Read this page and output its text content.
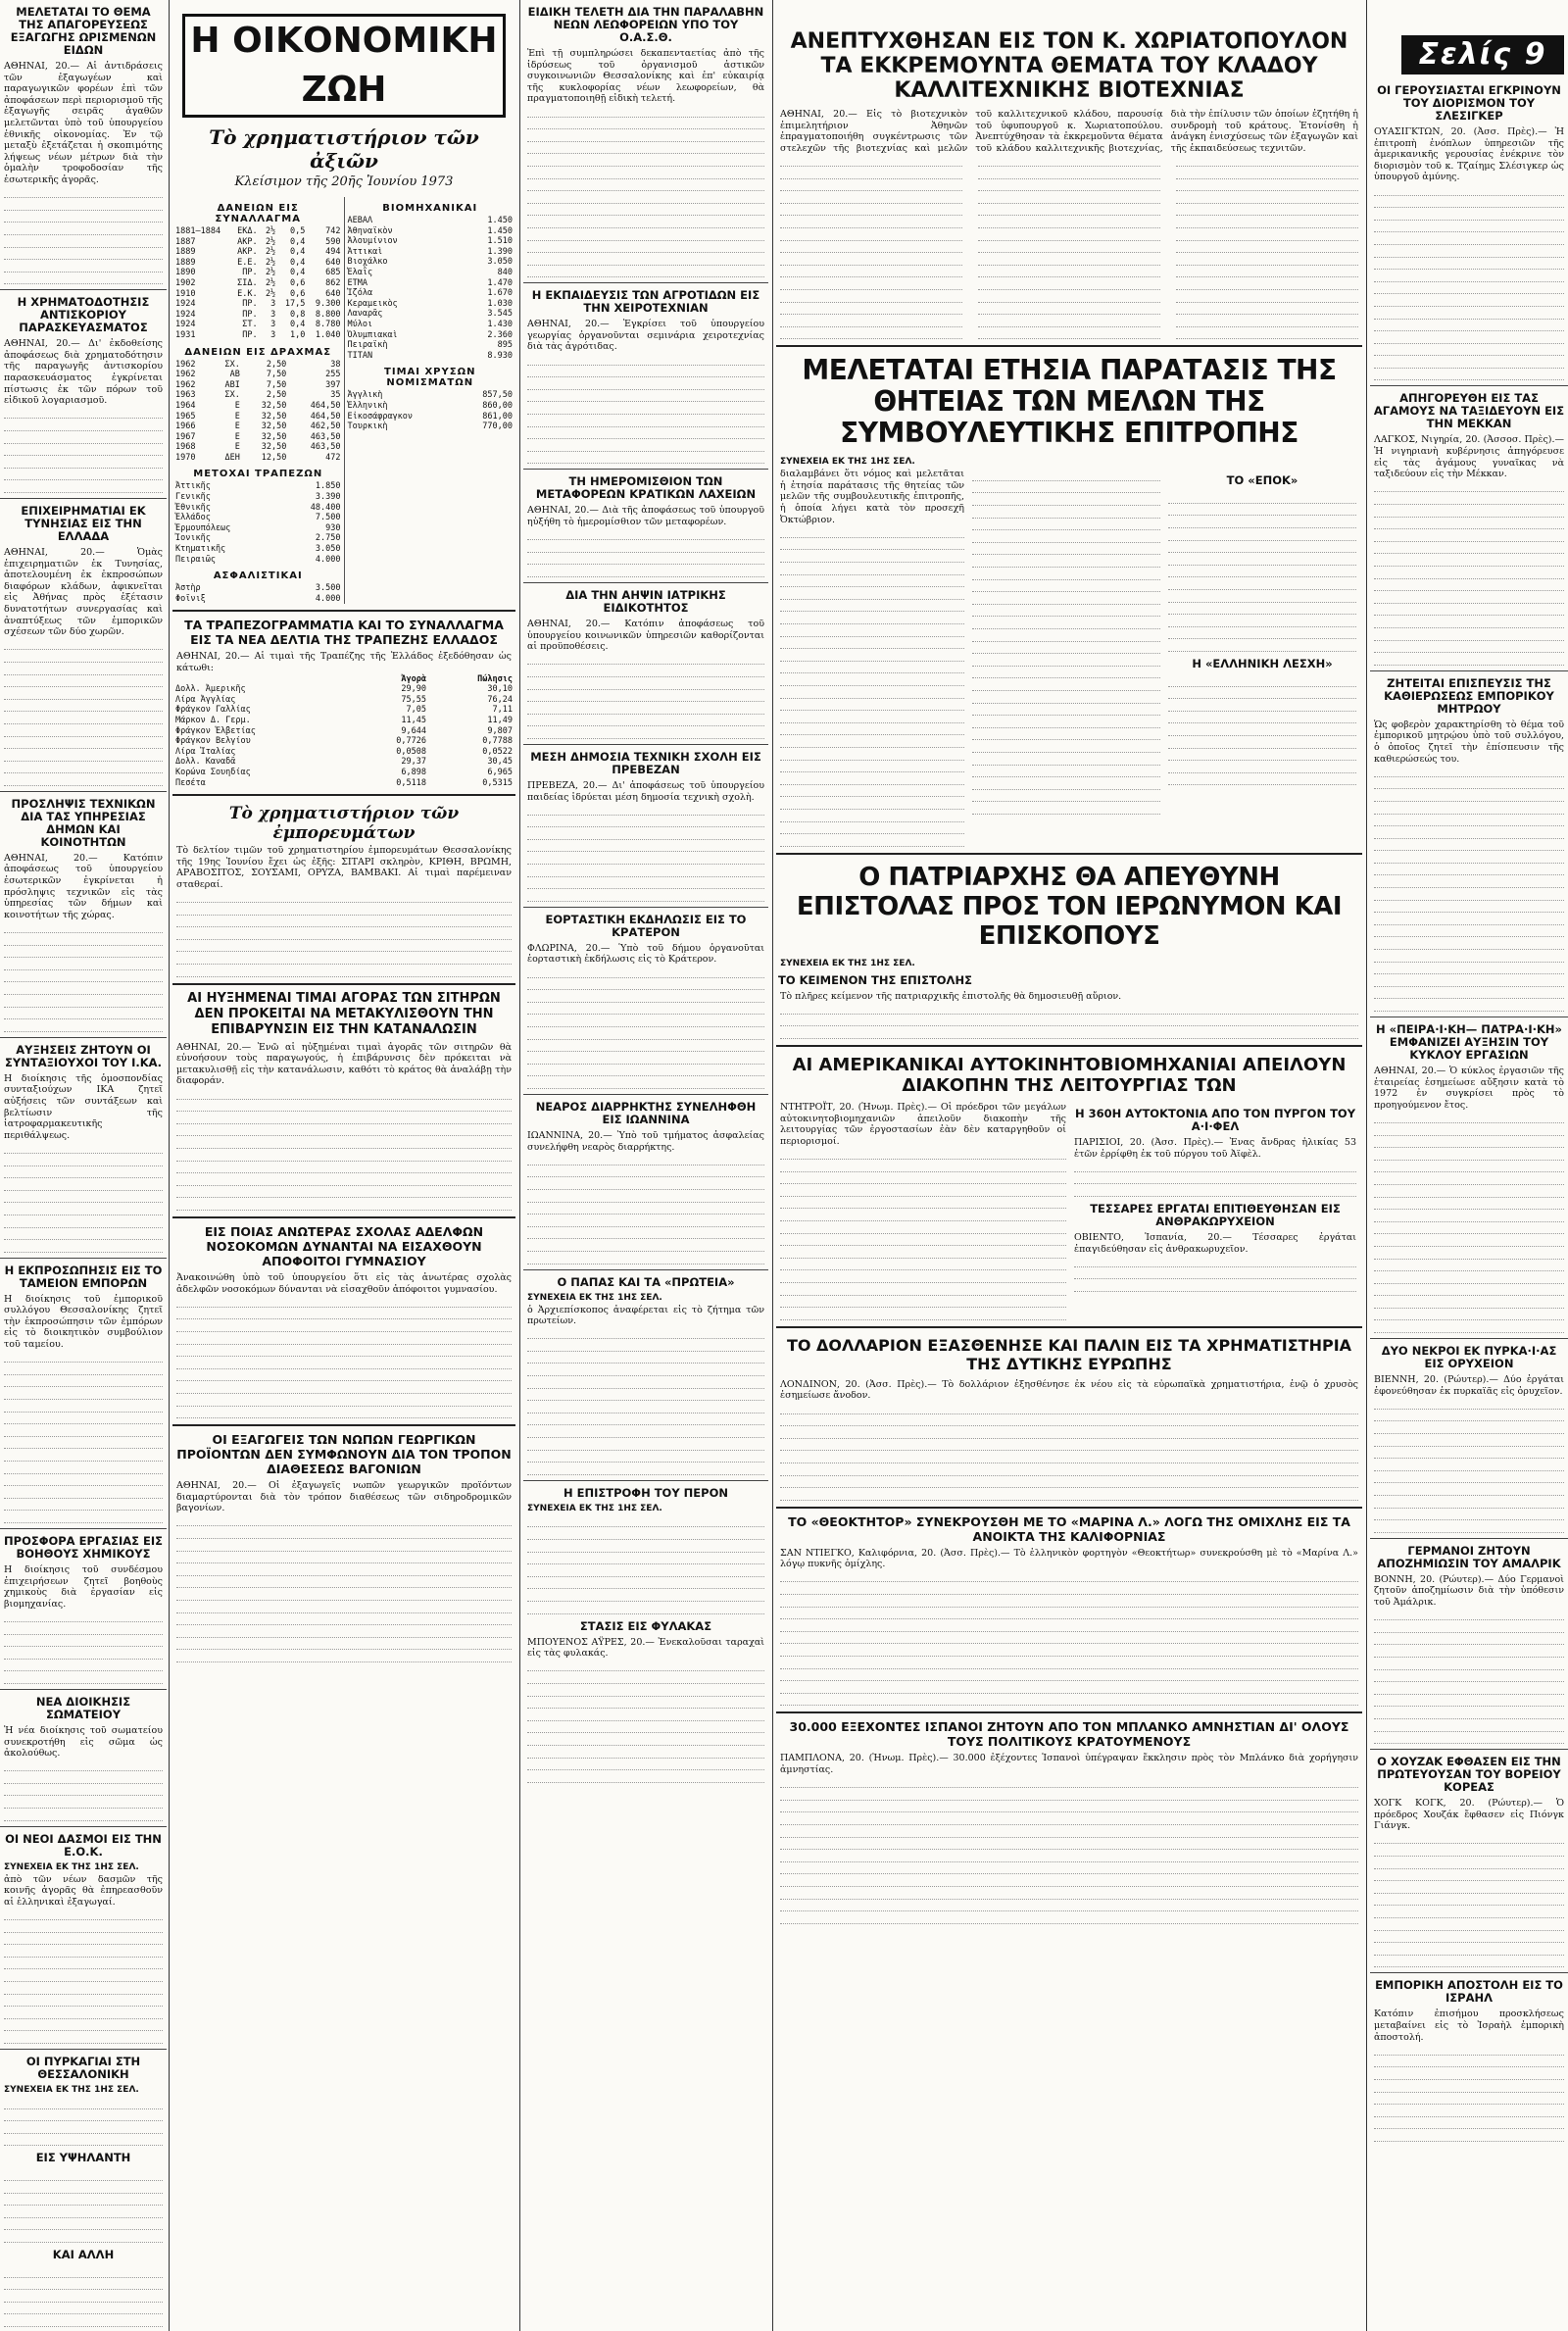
Σελίς 9
ΜΕΛΕΤΑΤΑΙ ΤΟ ΘΕΜΑ ΤΗΣ ΑΠΑΓΟΡΕΥΣΕΩΣ ΕΞΑΓΩΓΗΣ ΩΡΙΣΜΕΝΩΝ ΕΙΔΩΝ
ΑΘΗΝΑΙ, 20.— Αἱ ἀντιδράσεις τῶν ἐξαγωγέων καὶ παραγωγικῶν φορέων ἐπὶ τῶν ἀποφάσεων περὶ περιορισμοῦ τῆς ἐξαγωγῆς σειρᾶς ἀγαθῶν μελετῶνται ὑπὸ τοῦ ὑπουργείου ἐθνικῆς οἰκονομίας. Ἐν τῷ μεταξὺ ἐξετάζεται ἡ σκοπιμότης λήψεως νέων μέτρων διὰ τὴν ὁμαλὴν τροφοδοσίαν τῆς ἐσωτερικῆς ἀγορᾶς.
Η ΧΡΗΜΑΤΟΔΟΤΗΣΙΣ ΑΝΤΙΣΚΟΡΙΟΥ ΠΑΡΑΣΚΕΥΑΣΜΑΤΟΣ
ΑΘΗΝΑΙ, 20.— Δι' ἐκδοθείσης ἀποφάσεως διὰ χρηματοδότησιν τῆς παραγωγῆς ἀντισκορίου παρασκευάσματος ἐγκρίνεται πίστωσις ἐκ τῶν πόρων τοῦ εἰδικοῦ λογαριασμοῦ.
ΕΠΙΧΕΙΡΗΜΑΤΙΑΙ ΕΚ ΤΥΝΗΣΙΑΣ ΕΙΣ ΤΗΝ ΕΛΛΑΔΑ
ΑΘΗΝΑΙ, 20.— Ὁμὰς ἐπιχειρηματιῶν ἐκ Τυνησίας, ἀποτελουμένη ἐκ ἐκπροσώπων διαφόρων κλάδων, ἀφικνεῖται εἰς Ἀθήνας πρὸς ἐξέτασιν δυνατοτήτων συνεργασίας καὶ ἀναπτύξεως τῶν ἐμπορικῶν σχέσεων τῶν δύο χωρῶν.
ΠΡΟΣΛΗΨΙΣ ΤΕΧΝΙΚΩΝ ΔΙΑ ΤΑΣ ΥΠΗΡΕΣΙΑΣ ΔΗΜΩΝ ΚΑΙ ΚΟΙΝΟΤΗΤΩΝ
ΑΘΗΝΑΙ, 20.— Κατόπιν ἀποφάσεως τοῦ ὑπουργείου ἐσωτερικῶν ἐγκρίνεται ἡ πρόσληψις τεχνικῶν εἰς τὰς ὑπηρεσίας τῶν δήμων καὶ κοινοτήτων τῆς χώρας.
ΑΥΞΗΣΕΙΣ ΖΗΤΟΥΝ ΟΙ ΣΥΝΤΑΞΙΟΥΧΟΙ ΤΟΥ Ι.ΚΑ.
Η διοίκησις τῆς ὁμοσπονδίας συνταξιούχων ΙΚΑ ζητεῖ αὐξήσεις τῶν συντάξεων καὶ βελτίωσιν τῆς ἰατροφαρμακευτικῆς περιθάλψεως.
Η ΕΚΠΡΟΣΩΠΗΣΙΣ ΕΙΣ ΤΟ ΤΑΜΕΙΟΝ ΕΜΠΟΡΩΝ
Η διοίκησις τοῦ ἐμπορικοῦ συλλόγου Θεσσαλονίκης ζητεῖ τὴν ἐκπροσώπησιν τῶν ἐμπόρων εἰς τὸ διοικητικὸν συμβούλιον τοῦ ταμείου.
ΠΡΟΣΦΟΡΑ ΕΡΓΑΣΙΑΣ ΕΙΣ ΒΟΗΘΟΥΣ ΧΗΜΙΚΟΥΣ
Η διοίκησις τοῦ συνδέσμου ἐπιχειρήσεων ζητεῖ βοηθοὺς χημικοὺς διὰ ἐργασίαν εἰς βιομηχανίας.
ΝΕΑ ΔΙΟΙΚΗΣΙΣ ΣΩΜΑΤΕΙΟΥ
Ἡ νέα διοίκησις τοῦ σωματείου συνεκροτήθη εἰς σῶμα ὡς ἀκολούθως.
ΟΙ ΝΕΟΙ ΔΑΣΜΟΙ ΕΙΣ ΤΗΝ Ε.Ο.Κ.
ΣΥΝΕΧΕΙΑ ΕΚ ΤΗΣ 1ΗΣ ΣΕΛ.
ἀπὸ τῶν νέων δασμῶν τῆς κοινῆς ἀγορᾶς θὰ ἐπηρεασθοῦν αἱ ἐλληνικαὶ ἐξαγωγαί.
ΟΙ ΠΥΡΚΑΓΙΑΙ ΣΤΗ ΘΕΣΣΑΛΟΝΙΚΗ
ΣΥΝΕΧΕΙΑ ΕΚ ΤΗΣ 1ΗΣ ΣΕΛ.
ΕΙΣ ΥΨΗΛΑΝΤΗ
ΚΑΙ ΑΛΛΗ
Η ΟΙΚΟΝΟΜΙΚΗ ΖΩΗ
Τὸ χρηματιστήριον τῶν ἀξιῶν
Κλείσιμον τῆς 20ῆς Ἰουνίου 1973
ΔΑΝΕΙΩΝ ΕΙΣ ΣΥΝΑΛΛΑΓΜΑ
1881—1884	ΕΚΔ.	2½	0,5	742
1887	ΑΚΡ.	2½	0,4	590
1889	ΑΚΡ.	2½	0,4	494
1889	Ε.Ε.	2½	0,4	640
1890	ΠΡ.	2½	0,4	685
1902	ΣΙΔ.	2½	0,6	862
1910	Ε.Κ.	2½	0,6	640
1924	ΠΡ.	3	17,5	9.300
1924	ΠΡ.	3	0,8	8.800
1924	ΣΤ.	3	0,4	8.780
1931	ΠΡ.	3	1,0	1.040
ΔΑΝΕΙΩΝ ΕΙΣ ΔΡΑΧΜΑΣ
1962	ΣΧ.	2,50	38
1962	ΑΒ	7,50	255
1962	ΑΒΙ	7,50	397
1963	ΣΧ.	2,50	35
1964	Ε	32,50	464,50
1965	Ε	32,50	464,50
1966	Ε	32,50	462,50
1967	Ε	32,50	463,50
1968	Ε	32,50	463,50
1970	ΔΕΗ	12,50	472
ΜΕΤΟΧΑΙ ΤΡΑΠΕΖΩΝ
Ἀττικῆς	1.850
Γενικῆς	3.390
Ἐθνικῆς	48.400
Ἑλλάδος	7.500
Ἑρμουπόλεως	930
Ἰονικῆς	2.750
Κτηματικῆς	3.050
Πειραιῶς	4.000
ΑΣΦΑΛΙΣΤΙΚΑΙ
Ἀστὴρ	3.500
Φοῖνιξ	4.000
ΒΙΟΜΗΧΑΝΙΚΑΙ
ΑΕΒΑΛ	1.450
Ἀθηναϊκὸν	1.450
Ἀλουμίνιον	1.510
Ἀττικαὶ	1.390
Βιοχάλκο	3.050
Ἐλαῒς	840
ΕΤΜΑ	1.470
Ἰζόλα	1.670
Κεραμεικὸς	1.030
Λαναρᾶς	3.545
Μύλοι	1.430
Ὀλυμπιακαὶ	2.360
Πειραϊκὴ	895
ΤΙΤΑΝ	8.930
ΤΙΜΑΙ ΧΡΥΣΩΝ ΝΟΜΙΣΜΑΤΩΝ
Ἀγγλικὴ	857,50
Ἑλληνικὴ	860,00
Εἰκοσάφραγκον	861,00
Τουρκικὴ	770,00
ΤΑ ΤΡΑΠΕΖΟΓΡΑΜΜΑΤΙΑ ΚΑΙ ΤΟ ΣΥΝΑΛΛΑΓΜΑ ΕΙΣ ΤΑ ΝΕΑ ΔΕΛΤΙΑ ΤΗΣ ΤΡΑΠΕΖΗΣ ΕΛΛΑΔΟΣ
ΑΘΗΝΑΙ, 20.— Αἱ τιμαὶ τῆς Τραπέζης τῆς Ἑλλάδος ἐξεδόθησαν ὡς κάτωθι:
	Ἀγορὰ	Πώλησις
Δολλ. Ἀμερικῆς	29,90	30,10
Λίρα Ἀγγλίας	75,55	76,24
Φράγκον Γαλλίας	7,05	7,11
Μάρκον Δ. Γερμ.	11,45	11,49
Φράγκον Ἑλβετίας	9,644	9,807
Φράγκον Βελγίου	0,7726	0,7788
Λίρα Ἰταλίας	0,0508	0,0522
Δολλ. Καναδᾶ	29,37	30,45
Κορώνα Σουηδίας	6,898	6,965
Πεσέτα	0,5118	0,5315
Τὸ χρηματιστήριον τῶν ἐμπορευμάτων
Τὸ δελτίον τιμῶν τοῦ χρηματιστηρίου ἐμπορευμάτων Θεσσαλονίκης τῆς 19ης Ἰουνίου ἔχει ὡς ἑξῆς: ΣΙΤΑΡΙ σκληρὸν, ΚΡΙΘΗ, ΒΡΩΜΗ, ΑΡΑΒΟΣΙΤΟΣ, ΣΟΥΣΑΜΙ, ΟΡΥΖΑ, ΒΑΜΒΑΚΙ. Αἱ τιμαὶ παρέμειναν σταθεραί.
ΑΙ ΗΥΞΗΜΕΝΑΙ ΤΙΜΑΙ ΑΓΟΡΑΣ ΤΩΝ ΣΙΤΗΡΩΝ ΔΕΝ ΠΡΟΚΕΙΤΑΙ ΝΑ ΜΕΤΑΚΥΛΙΣΘΟΥΝ ΤΗΝ ΕΠΙΒΑΡΥΝΣΙΝ ΕΙΣ ΤΗΝ ΚΑΤΑΝΑΛΩΣΙΝ
ΑΘΗΝΑΙ, 20.— Ἐνῶ αἱ ηὐξημέναι τιμαὶ ἀγορᾶς τῶν σιτηρῶν θὰ εὐνοήσουν τοὺς παραγωγούς, ἡ ἐπιβάρυνσις δὲν πρόκειται νὰ μετακυλισθῇ εἰς τὴν κατανάλωσιν, καθότι τὸ κράτος θὰ ἀναλάβῃ τὴν διαφοράν.
ΕΙΣ ΠΟΙΑΣ ΑΝΩΤΕΡΑΣ ΣΧΟΛΑΣ ΑΔΕΛΦΩΝ ΝΟΣΟΚΟΜΩΝ ΔΥΝΑΝΤΑΙ ΝΑ ΕΙΣΑΧΘΟΥΝ ΑΠΟΦΟΙΤΟΙ ΓΥΜΝΑΣΙΟΥ
Ἀνακοινώθη ὑπὸ τοῦ ὑπουργείου ὅτι εἰς τὰς ἀνωτέρας σχολὰς ἀδελφῶν νοσοκόμων δύνανται νὰ εἰσαχθοῦν ἀπόφοιτοι γυμνασίου.
ΟΙ ΕΞΑΓΩΓΕΙΣ ΤΩΝ ΝΩΠΩΝ ΓΕΩΡΓΙΚΩΝ ΠΡΟΪΟΝΤΩΝ ΔΕΝ ΣΥΜΦΩΝΟΥΝ ΔΙΑ ΤΟΝ ΤΡΟΠΟΝ ΔΙΑΘΕΣΕΩΣ ΒΑΓΟΝΙΩΝ
ΑΘΗΝΑΙ, 20.— Οἱ ἐξαγωγεῖς νωπῶν γεωργικῶν προϊόντων διαμαρτύρονται διὰ τὸν τρόπον διαθέσεως τῶν σιδηροδρομικῶν βαγονίων.
ΕΙΔΙΚΗ ΤΕΛΕΤΗ ΔΙΑ ΤΗΝ ΠΑΡΑΛΑΒΗΝ ΝΕΩΝ ΛΕΩΦΟΡΕΙΩΝ ΥΠΟ ΤΟΥ Ο.Α.Σ.Θ.
Ἐπὶ τῇ συμπληρώσει δεκαπενταετίας ἀπὸ τῆς ἱδρύσεως τοῦ ὀργανισμοῦ ἀστικῶν συγκοινωνιῶν Θεσσαλονίκης καὶ ἐπ' εὐκαιρίᾳ τῆς κυκλοφορίας νέων λεωφορείων, θὰ πραγματοποιηθῇ εἰδικὴ τελετή.
Η ΕΚΠΑΙΔΕΥΣΙΣ ΤΩΝ ΑΓΡΟΤΙΔΩΝ ΕΙΣ ΤΗΝ ΧΕΙΡΟΤΕΧΝΙΑΝ
ΑΘΗΝΑΙ, 20.— Ἐγκρίσει τοῦ ὑπουργείου γεωργίας ὀργανοῦνται σεμινάρια χειροτεχνίας διὰ τὰς ἀγρότιδας.
ΤΗ ΗΜΕΡΟΜΙΣΘΙΟΝ ΤΩΝ ΜΕΤΑΦΟΡΕΩΝ ΚΡΑΤΙΚΩΝ ΛΑΧΕΙΩΝ
ΑΘΗΝΑΙ, 20.— Διὰ τῆς ἀποφάσεως τοῦ ὑπουργοῦ ηὐξήθη τὸ ἡμερομίσθιον τῶν μεταφορέων.
ΔΙΑ ΤΗΝ ΑΗΨΙΝ ΙΑΤΡΙΚΗΣ ΕΙΔΙΚΟΤΗΤΟΣ
ΑΘΗΝΑΙ, 20.— Κατόπιν ἀποφάσεως τοῦ ὑπουργείου κοινωνικῶν ὑπηρεσιῶν καθορίζονται αἱ προϋποθέσεις.
ΜΕΣΗ ΔΗΜΟΣΙΑ ΤΕΧΝΙΚΗ ΣΧΟΛΗ ΕΙΣ ΠΡΕΒΕΖΑΝ
ΠΡΕΒΕΖΑ, 20.— Δι' ἀποφάσεως τοῦ ὑπουργείου παιδείας ἱδρύεται μέση δημοσία τεχνικὴ σχολὴ.
ΕΟΡΤΑΣΤΙΚΗ ΕΚΔΗΛΩΣΙΣ ΕΙΣ ΤΟ ΚΡΑΤΕΡΟΝ
ΦΛΩΡΙΝΑ, 20.— Ὑπὸ τοῦ δήμου ὀργανοῦται ἑορταστικὴ ἐκδήλωσις εἰς τὸ Κράτερον.
ΝΕΑΡΟΣ ΔΙΑΡΡΗΚΤΗΣ ΣΥΝΕΛΗΦΘΗ ΕΙΣ ΙΩΑΝΝΙΝΑ
ΙΩΑΝΝΙΝΑ, 20.— Ὑπὸ τοῦ τμήματος ἀσφαλείας συνελήφθη νεαρὸς διαρρήκτης.
Ο ΠΑΠΑΣ ΚΑΙ ΤΑ «ΠΡΩΤΕΙΑ»
ΣΥΝΕΧΕΙΑ ΕΚ ΤΗΣ 1ΗΣ ΣΕΛ.
ὁ Ἀρχιεπίσκοπος ἀναφέρεται εἰς τὸ ζήτημα τῶν πρωτείων.
Η ΕΠΙΣΤΡΟΦΗ ΤΟΥ ΠΕΡΟΝ
ΣΥΝΕΧΕΙΑ ΕΚ ΤΗΣ 1ΗΣ ΣΕΛ.
ΣΤΑΣΙΣ ΕΙΣ ΦΥΛΑΚΑΣ
ΜΠΟΥΕΝΟΣ ΑΫΡΕΣ, 20.— Ἐνεκαλοῦσαι ταραχαὶ εἰς τὰς φυλακάς.
ΑΝΕΠΤΥΧΘΗΣΑΝ ΕΙΣ ΤΟΝ Κ. ΧΩΡΙΑΤΟΠΟΥΛΟΝ ΤΑ ΕΚΚΡΕΜΟΥΝΤΑ ΘΕΜΑΤΑ ΤΟΥ ΚΛΑΔΟΥ ΚΑΛΛΙΤΕΧΝΙΚΗΣ ΒΙΟΤΕΧΝΙΑΣ
ΑΘΗΝΑΙ, 20.— Εἰς τὸ βιοτεχνικὸν ἐπιμελητήριον Ἀθηνῶν ἐπραγματοποιήθη συγκέντρωσις τῶν στελεχῶν τῆς βιοτεχνίας καὶ μελῶν τοῦ καλλιτεχνικοῦ κλάδου, παρουσίᾳ τοῦ ὑφυπουργοῦ κ. Χωριατοπούλου. Ἀνεπτύχθησαν τὰ ἐκκρεμοῦντα θέματα τοῦ κλάδου καλλιτεχνικῆς βιοτεχνίας, διὰ τὴν ἐπίλυσιν τῶν ὁποίων ἐζητήθη ἡ συνδρομὴ τοῦ κράτους. Ἐτονίσθη ἡ ἀνάγκη ἐνισχύσεως τῶν ἐξαγωγῶν καὶ τῆς ἐκπαιδεύσεως τεχνιτῶν.
ΜΕΛΕΤΑΤΑΙ ΕΤΗΣΙΑ ΠΑΡΑΤΑΣΙΣ ΤΗΣ ΘΗΤΕΙΑΣ ΤΩΝ ΜΕΛΩΝ ΤΗΣ ΣΥΜΒΟΥΛΕΥΤΙΚΗΣ ΕΠΙΤΡΟΠΗΣ
ΣΥΝΕΧΕΙΑ ΕΚ ΤΗΣ 1ΗΣ ΣΕΛ.
διαλαμβάνει ὅτι νόμος καὶ μελετᾶται ἡ ἐτησία παράτασις τῆς θητείας τῶν μελῶν τῆς συμβουλευτικῆς ἐπιτροπῆς, ἡ ὁποία λήγει κατὰ τὸν προσεχῆ Ὀκτώβριον.
ΤΟ «ΕΠΟΚ»
Η «ΕΛΛΗΝΙΚΗ ΛΕΣΧΗ»
Ο ΠΑΤΡΙΑΡΧΗΣ ΘΑ ΑΠΕΥΘΥΝΗ ΕΠΙΣΤΟΛΑΣ ΠΡΟΣ ΤΟΝ ΙΕΡΩΝΥΜΟΝ ΚΑΙ ΕΠΙΣΚΟΠΟΥΣ
ΣΥΝΕΧΕΙΑ ΕΚ ΤΗΣ 1ΗΣ ΣΕΛ.
ΤΟ ΚΕΙΜΕΝΟΝ ΤΗΣ ΕΠΙΣΤΟΛΗΣ
Τὸ πλῆρες κείμενον τῆς πατριαρχικῆς ἐπιστολῆς θὰ δημοσιευθῇ αὔριον.
ΑΙ ΑΜΕΡΙΚΑΝΙΚΑΙ ΑΥΤΟΚΙΝΗΤΟΒΙΟΜΗΧΑΝΙΑΙ ΑΠΕΙΛΟΥΝ ΔΙΑΚΟΠΗΝ ΤΗΣ ΛΕΙΤΟΥΡΓΙΑΣ ΤΩΝ
ΝΤΗΤΡΟΪΤ, 20. (Ἠνωμ. Πρὲς).— Οἱ πρόεδροι τῶν μεγάλων αὐτοκινητοβιομηχανιῶν ἀπειλοῦν διακοπὴν τῆς λειτουργίας τῶν ἐργοστασίων ἐὰν δὲν καταργηθοῦν οἱ περιορισμοί.
Η 360Η ΑΥΤΟΚΤΟΝΙΑ ΑΠΟ ΤΟΝ ΠΥΡΓΟΝ ΤΟΥ Α·Ι·ΦΕΛ
ΠΑΡΙΣΙΟΙ, 20. (Ἀσσ. Πρὲς).— Ἐνας ἄνδρας ἡλικίας 53 ἐτῶν ἐρρίφθη ἐκ τοῦ πύργου τοῦ Ἀϊφὲλ.
ΤΕΣΣΑΡΕΣ ΕΡΓΑΤΑΙ ΕΠΙΤΙΘΕΥΘΗΣΑΝ ΕΙΣ ΑΝΘΡΑΚΩΡΥΧΕΙΟΝ
ΟΒΙΕΝΤΟ, Ἱσπανία, 20.— Τέσσαρες ἐργάται ἐπαγιδεύθησαν εἰς ἀνθρακωρυχεῖον.
ΤΟ ΔΟΛΛΑΡΙΟΝ ΕΞΑΣΘΕΝΗΣΕ ΚΑΙ ΠΑΛΙΝ ΕΙΣ ΤΑ ΧΡΗΜΑΤΙΣΤΗΡΙΑ ΤΗΣ ΔΥΤΙΚΗΣ ΕΥΡΩΠΗΣ
ΛΟΝΔΙΝΟΝ, 20. (Ἀσσ. Πρὲς).— Τὸ δολλάριον ἐξησθένησε ἐκ νέου εἰς τὰ εὐρωπαϊκὰ χρηματιστήρια, ἐνῷ ὁ χρυσὸς ἐσημείωσε ἄνοδον.
ΤΟ «ΘΕΟΚΤΗΤΟΡ» ΣΥΝΕΚΡΟΥΣΘΗ ΜΕ ΤΟ «ΜΑΡΙΝΑ Λ.» ΛΟΓΩ ΤΗΣ ΟΜΙΧΛΗΣ ΕΙΣ ΤΑ ΑΝΟΙΚΤΑ ΤΗΣ ΚΑΛΙΦΟΡΝΙΑΣ
ΣΑΝ ΝΤΙΕΓΚΟ, Καλιφόρνια, 20. (Ἀσσ. Πρὲς).— Τὸ ἑλληνικὸν φορτηγὸν «Θεοκτήτωρ» συνεκρούσθη μὲ τὸ «Μαρίνα Λ.» λόγῳ πυκνῆς ὀμίχλης.
30.000 ΕΞΕΧΟΝΤΕΣ ΙΣΠΑΝΟΙ ΖΗΤΟΥΝ ΑΠΟ ΤΟΝ ΜΠΛΑΝΚΟ ΑΜΝΗΣΤΙΑΝ ΔΙ' ΟΛΟΥΣ ΤΟΥΣ ΠΟΛΙΤΙΚΟΥΣ ΚΡΑΤΟΥΜΕΝΟΥΣ
ΠΑΜΠΛΟΝΑ, 20. (Ἠνωμ. Πρὲς).— 30.000 ἐξέχοντες Ἱσπανοὶ ὑπέγραψαν ἔκκλησιν πρὸς τὸν Μπλάνκο διὰ χορήγησιν ἀμνηστίας.
ΟΙ ΓΕΡΟΥΣΙΑΣΤΑΙ ΕΓΚΡΙΝΟΥΝ ΤΟΥ ΔΙΟΡΙΣΜΟΝ ΤΟΥ ΣΛΕΣΙΓΚΕΡ
ΟΥΑΣΙΓΚΤΩΝ, 20. (Ἀσσ. Πρὲς).— Ἡ ἐπιτροπὴ ἐνόπλων ὑπηρεσιῶν τῆς ἀμερικανικῆς γερουσίας ἐνέκρινε τὸν διορισμὸν τοῦ κ. Τζαίημς Σλέσιγκερ ὡς ὑπουργοῦ ἀμύνης.
ΑΠΗΓΟΡΕΥΘΗ ΕΙΣ ΤΑΣ ΑΓΑΜΟΥΣ ΝΑ ΤΑΞΙΔΕΥΟΥΝ ΕΙΣ ΤΗΝ ΜΕΚΚΑΝ
ΛΑΓΚΟΣ, Νιγηρία, 20. (Ἀσσοσ. Πρὲς).— Ἡ νιγηριανὴ κυβέρνησις ἀπηγόρευσε εἰς τὰς ἀγάμους γυναῖκας νὰ ταξιδεύουν εἰς τὴν Μέκκαν.
ΖΗΤΕΙΤΑΙ ΕΠΙΣΠΕΥΣΙΣ ΤΗΣ ΚΑΘΙΕΡΩΣΕΩΣ ΕΜΠΟΡΙΚΟΥ ΜΗΤΡΩΟΥ
Ὡς φοβερὸν χαρακτηρίσθη τὸ θέμα τοῦ ἐμπορικοῦ μητρῴου ὑπὸ τοῦ συλλόγου, ὁ ὁποῖος ζητεῖ τὴν ἐπίσπευσιν τῆς καθιερώσεώς του.
Η «ΠΕΙΡΑ·Ι·ΚΗ— ΠΑΤΡΑ·Ι·ΚΗ» ΕΜΦΑΝΙΖΕΙ ΑΥΞΗΣΙΝ ΤΟΥ ΚΥΚΛΟΥ ΕΡΓΑΣΙΩΝ
ΑΘΗΝΑΙ, 20.— Ὁ κύκλος ἐργασιῶν τῆς ἑταιρείας ἐσημείωσε αὔξησιν κατὰ τὸ 1972 ἐν συγκρίσει πρὸς τὸ προηγούμενον ἔτος.
ΔΥΟ ΝΕΚΡΟΙ ΕΚ ΠΥΡΚΑ·Ι·ΑΣ ΕΙΣ ΟΡΥΧΕΙΟΝ
ΒΙΕΝΝΗ, 20. (Ρώυτερ).— Δύο ἐργάται ἐφονεύθησαν ἐκ πυρκαϊᾶς εἰς ὀρυχεῖον.
ΓΕΡΜΑΝΟΙ ΖΗΤΟΥΝ ΑΠΟΖΗΜΙΩΣΙΝ ΤΟΥ ΑΜΑΛΡΙΚ
ΒΟΝΝΗ, 20. (Ρώυτερ).— Δύο Γερμανοὶ ζητοῦν ἀποζημίωσιν διὰ τὴν ὑπόθεσιν τοῦ Ἀμάλρικ.
Ο ΧΟΥΖΑΚ ΕΦΘΑΣΕΝ ΕΙΣ ΤΗΝ ΠΡΩΤΕΥΟΥΣΑΝ ΤΟΥ ΒΟΡΕΙΟΥ ΚΟΡΕΑΣ
ΧΟΓΚ ΚΟΓΚ, 20. (Ρώυτερ).— Ὁ πρόεδρος Χουζάκ ἔφθασεν εἰς Πιόνγκ Γιάνγκ.
ΕΜΠΟΡΙΚΗ ΑΠΟΣΤΟΛΗ ΕΙΣ ΤΟ ΙΣΡΑΗΛ
Κατόπιν ἐπισήμου προσκλήσεως μεταβαίνει εἰς τὸ Ἰσραὴλ ἐμπορικὴ ἀποστολή.
